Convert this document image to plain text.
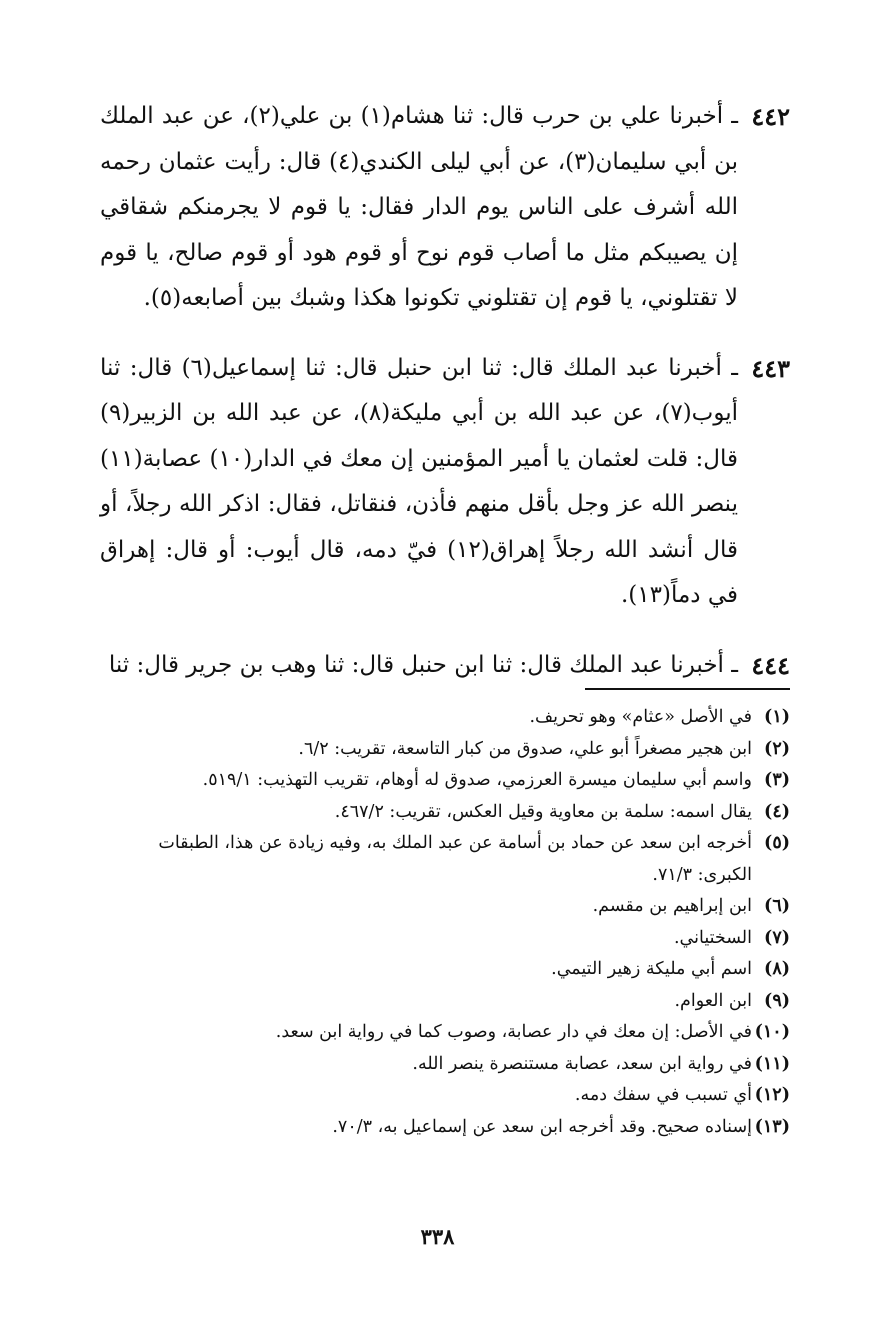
٤٤٢
ـ أخبرنا علي بن حرب قال: ثنا هشام(١) بن علي(٢)، عن عبد الملك بن أبي سليمان(٣)، عن أبي ليلى الكندي(٤) قال: رأيت عثمان رحمه الله أشرف على الناس يوم الدار فقال: يا قوم لا يجرمنكم شقاقي إن يصيبكم مثل ما أصاب قوم نوح أو قوم هود أو قوم صالح، يا قوم لا تقتلوني، يا قوم إن تقتلوني تكونوا هكذا وشبك بين أصابعه(٥).
٤٤٣
ـ أخبرنا عبد الملك قال: ثنا ابن حنبل قال: ثنا إسماعيل(٦) قال: ثنا أيوب(٧)، عن عبد الله بن أبي مليكة(٨)، عن عبد الله بن الزبير(٩) قال: قلت لعثمان يا أمير المؤمنين إن معك في الدار(١٠) عصابة(١١) ينصر الله عز وجل بأقل منهم فأذن، فنقاتل، فقال: اذكر الله رجلاً، أو قال أنشد الله رجلاً إهراق(١٢) فيّ دمه، قال أيوب: أو قال: إهراق في دماً(١٣).
٤٤٤
ـ أخبرنا عبد الملك قال: ثنا ابن حنبل قال: ثنا وهب بن جرير قال: ثنا
(١)
في الأصل «عثام» وهو تحريف.
(٢)
ابن هجير مصغراً أبو علي، صدوق من كبار التاسعة، تقريب: ٦/٢.
(٣)
واسم أبي سليمان ميسرة العرزمي، صدوق له أوهام، تقريب التهذيب: ٥١٩/١.
(٤)
يقال اسمه: سلمة بن معاوية وقيل العكس، تقريب: ٤٦٧/٢.
(٥)
أخرجه ابن سعد عن حماد بن أسامة عن عبد الملك به، وفيه زيادة عن هذا، الطبقات الكبرى: ٧١/٣.
(٦)
ابن إبراهيم بن مقسم.
(٧)
السختياني.
(٨)
اسم أبي مليكة زهير التيمي.
(٩)
ابن العوام.
(١٠)
في الأصل: إن معك في دار عصابة، وصوب كما في رواية ابن سعد.
(١١)
في رواية ابن سعد، عصابة مستنصرة ينصر الله.
(١٢)
أي تسبب في سفك دمه.
(١٣)
إسناده صحيح. وقد أخرجه ابن سعد عن إسماعيل به، ٧٠/٣.
٣٣٨
